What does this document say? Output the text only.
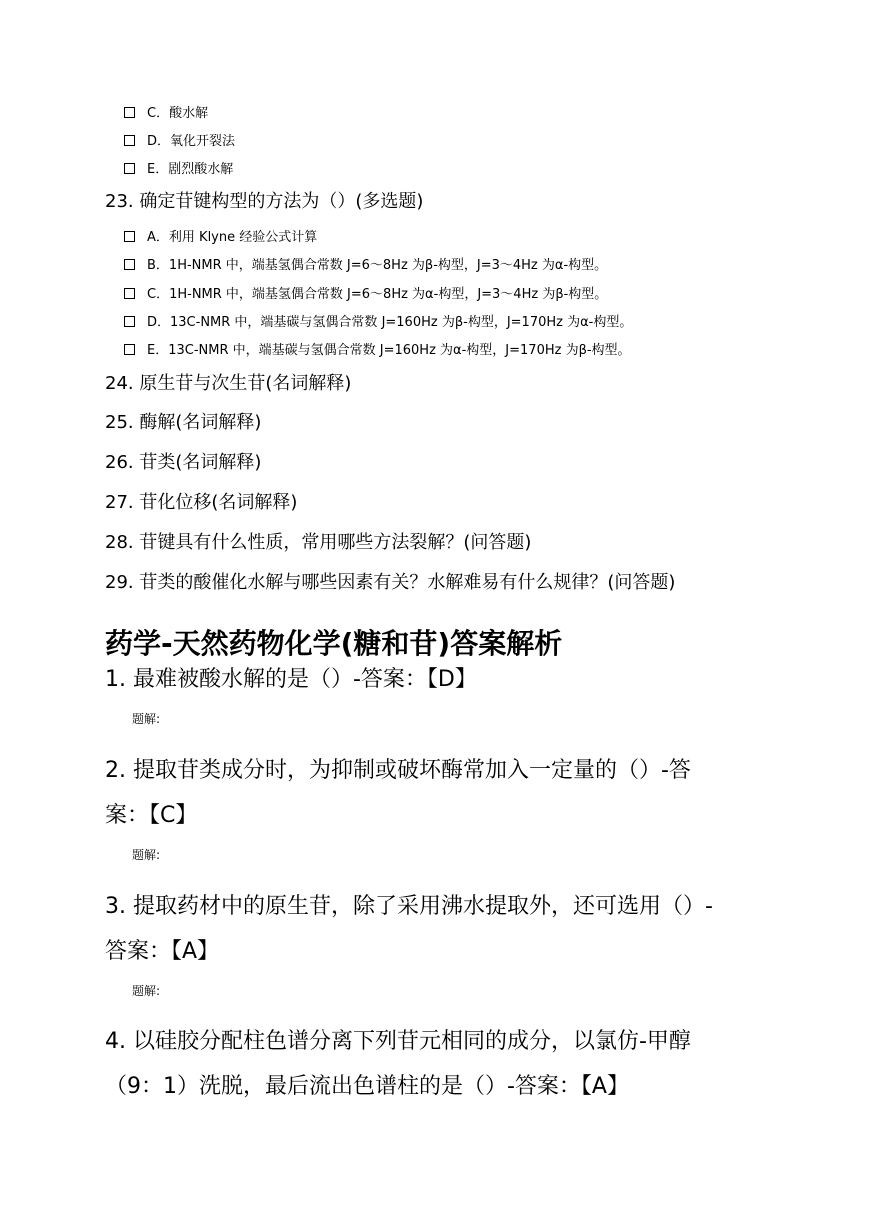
C．酸水解
D．氧化开裂法
E．剧烈酸水解
23. 确定苷键构型的方法为（）(多选题)
A．利用 Klyne 经验公式计算
B．1H-NMR 中，端基氢偶合常数 J=6～8Hz 为β-构型，J=3～4Hz 为α-构型。
C．1H-NMR 中，端基氢偶合常数 J=6～8Hz 为α-构型，J=3～4Hz 为β-构型。
D．13C-NMR 中，端基碳与氢偶合常数 J=160Hz 为β-构型，J=170Hz 为α-构型。
E．13C-NMR 中，端基碳与氢偶合常数 J=160Hz 为α-构型，J=170Hz 为β-构型。
24. 原生苷与次生苷(名词解释)
25. 酶解(名词解释)
26. 苷类(名词解释)
27. 苷化位移(名词解释)
28. 苷键具有什么性质，常用哪些方法裂解？(问答题)
29. 苷类的酸催化水解与哪些因素有关？水解难易有什么规律？(问答题)
药学-天然药物化学(糖和苷)答案解析
1. 最难被酸水解的是（）-答案：【D】
题解:
2. 提取苷类成分时，为抑制或破坏酶常加入一定量的（）-答
案：【C】
题解:
3. 提取药材中的原生苷，除了采用沸水提取外，还可选用（）-
答案：【A】
题解:
4. 以硅胶分配柱色谱分离下列苷元相同的成分，以氯仿-甲醇
（9：1）洗脱，最后流出色谱柱的是（）-答案：【A】
